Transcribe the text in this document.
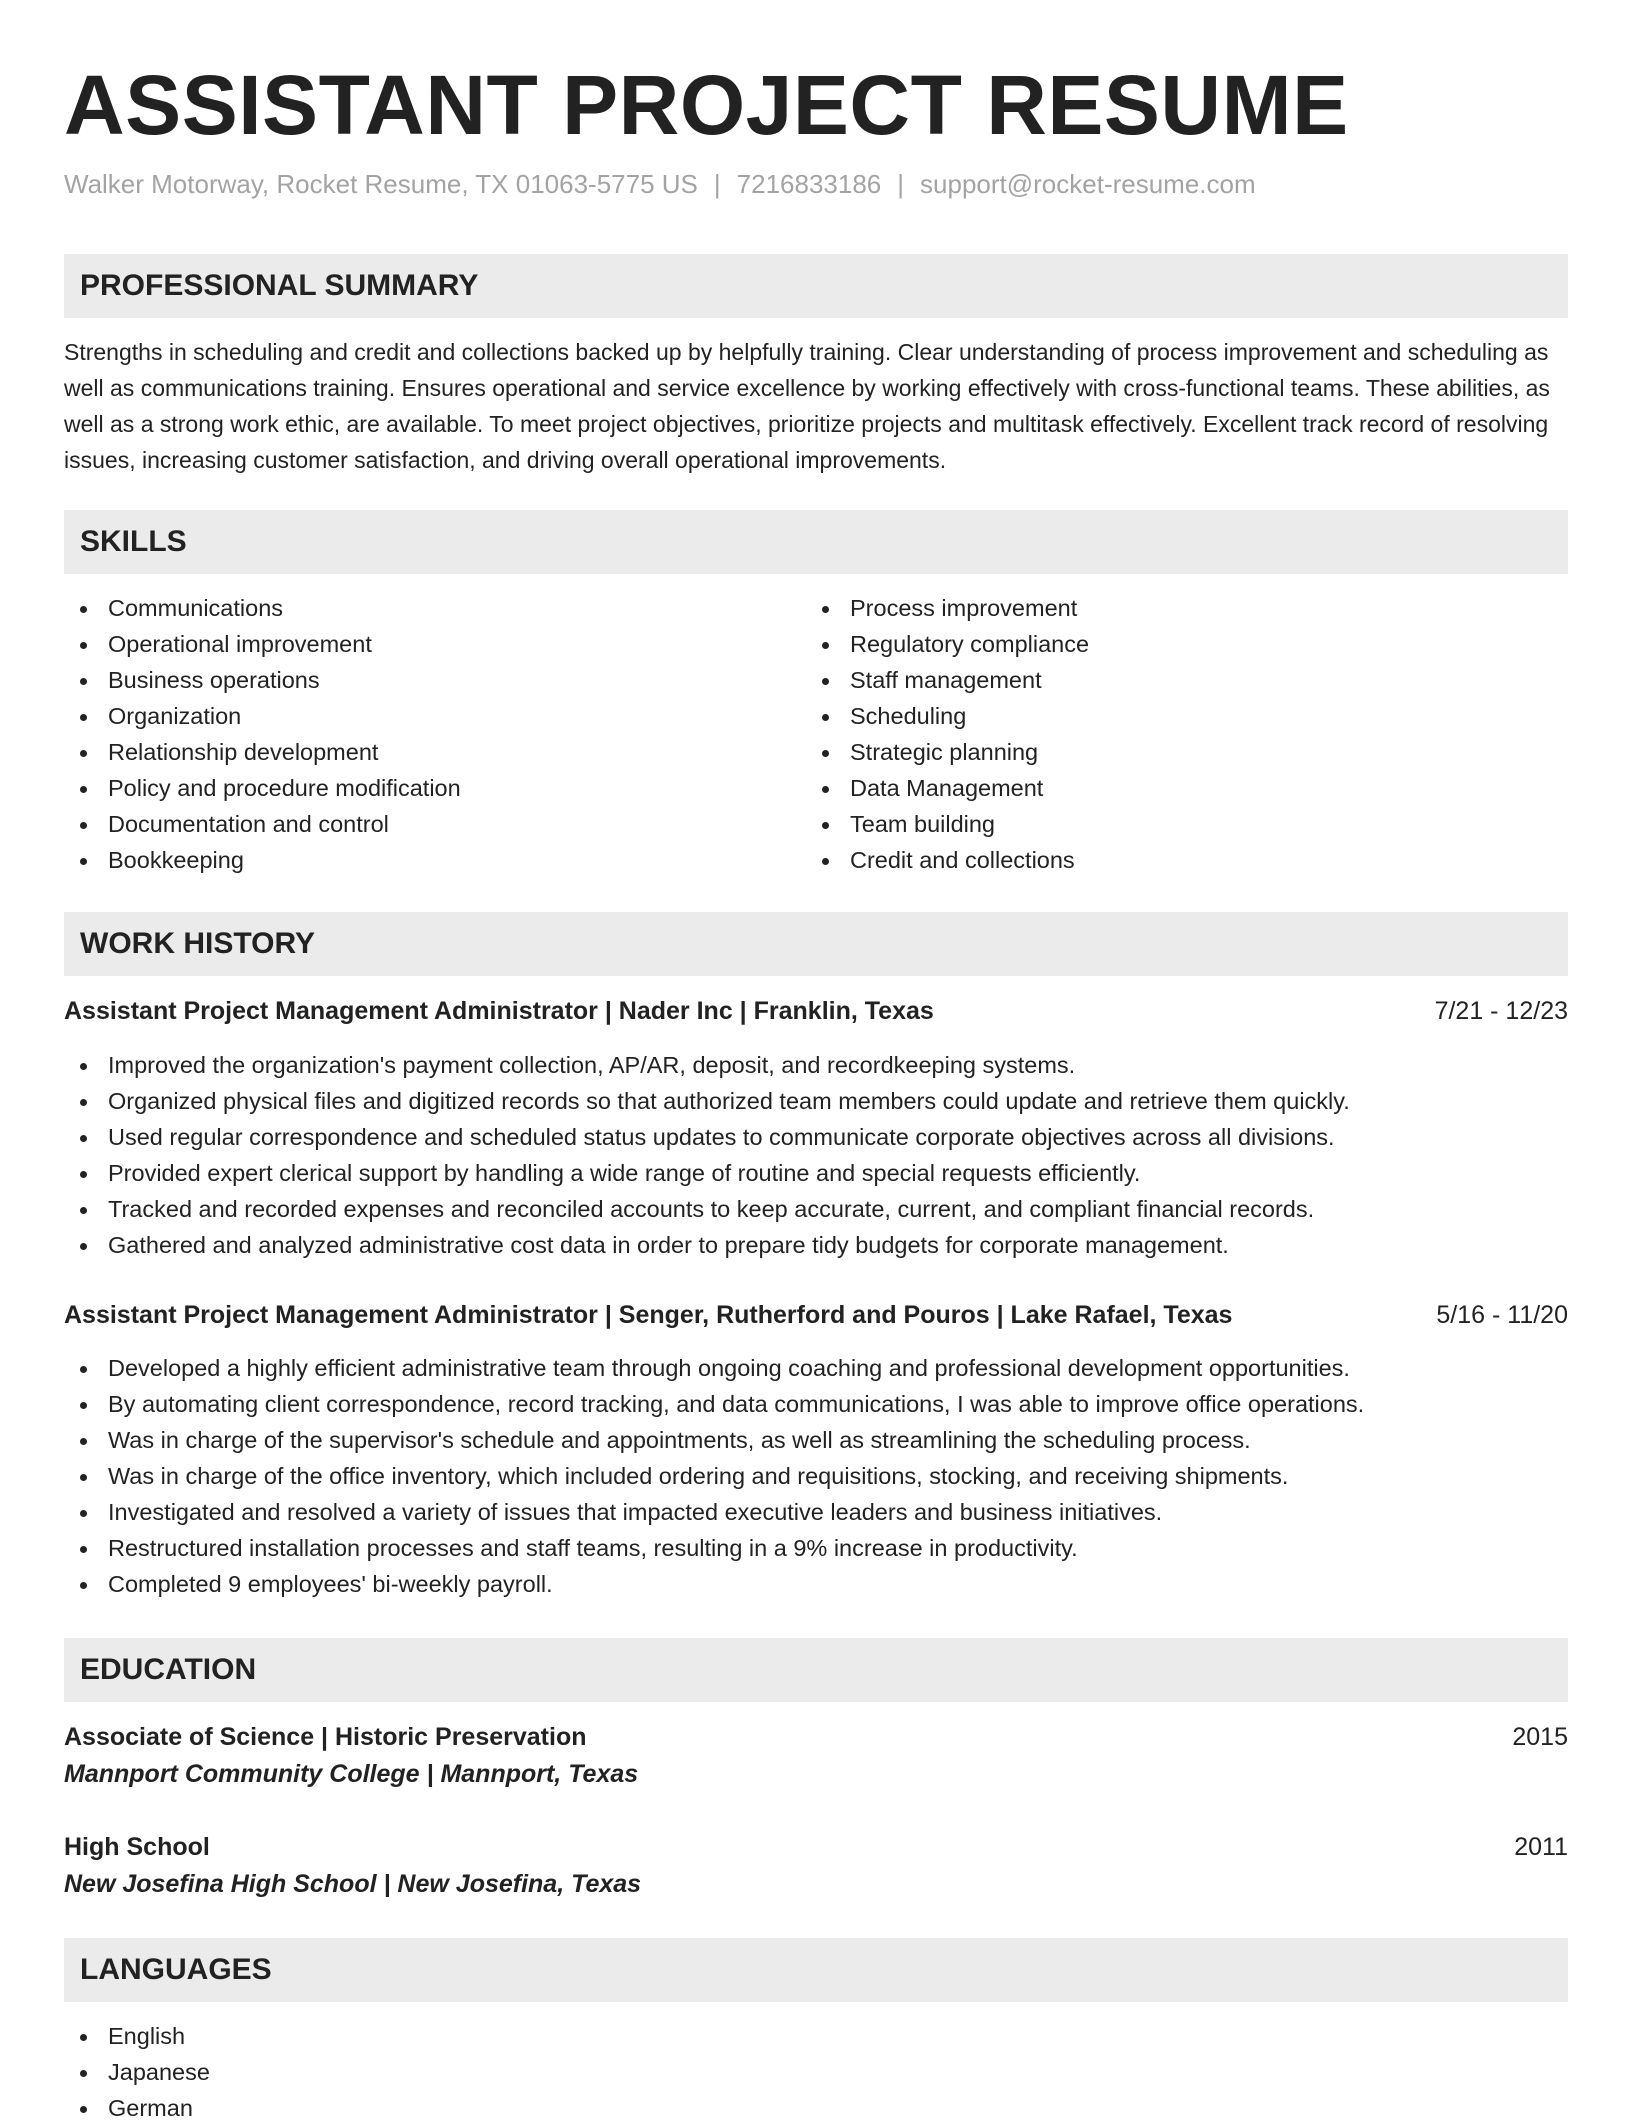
ASSISTANT PROJECT RESUME
Walker Motorway, Rocket Resume, TX 01063-5775 US | 7216833186 | support@rocket-resume.com
PROFESSIONAL SUMMARY

Strengths in scheduling and credit and collections backed up by helpfully training. Clear understanding of process improvement and scheduling as well as communications training. Ensures operational and service excellence by working effectively with cross-functional teams. These abilities, as well as a strong work ethic, are available. To meet project objectives, prioritize projects and multitask effectively. Excellent track record of resolving issues, increasing customer satisfaction, and driving overall operational improvements.

SKILLS
Communications
Operational improvement
Business operations
Organization
Relationship development
Policy and procedure modification
Documentation and control
Bookkeeping
Process improvement
Regulatory compliance
Staff management
Scheduling
Strategic planning
Data Management
Team building
Credit and collections
WORK HISTORY
Assistant Project Management Administrator | Nader Inc | Franklin, Texas	7/21 - 12/23
Improved the organization's payment collection, AP/AR, deposit, and recordkeeping systems.
Organized physical files and digitized records so that authorized team members could update and retrieve them quickly.
Used regular correspondence and scheduled status updates to communicate corporate objectives across all divisions.
Provided expert clerical support by handling a wide range of routine and special requests efficiently.
Tracked and recorded expenses and reconciled accounts to keep accurate, current, and compliant financial records.
Gathered and analyzed administrative cost data in order to prepare tidy budgets for corporate management.
Assistant Project Management Administrator | Senger, Rutherford and Pouros | Lake Rafael, Texas	5/16 - 11/20
Developed a highly efficient administrative team through ongoing coaching and professional development opportunities.
By automating client correspondence, record tracking, and data communications, I was able to improve office operations.
Was in charge of the supervisor's schedule and appointments, as well as streamlining the scheduling process.
Was in charge of the office inventory, which included ordering and requisitions, stocking, and receiving shipments.
Investigated and resolved a variety of issues that impacted executive leaders and business initiatives.
Restructured installation processes and staff teams, resulting in a 9% increase in productivity.
Completed 9 employees' bi-weekly payroll.
EDUCATION
Associate of Science | Historic Preservation	2015
Mannport Community College | Mannport, Texas
High School	2011
New Josefina High School | New Josefina, Texas
LANGUAGES
English
Japanese
German
